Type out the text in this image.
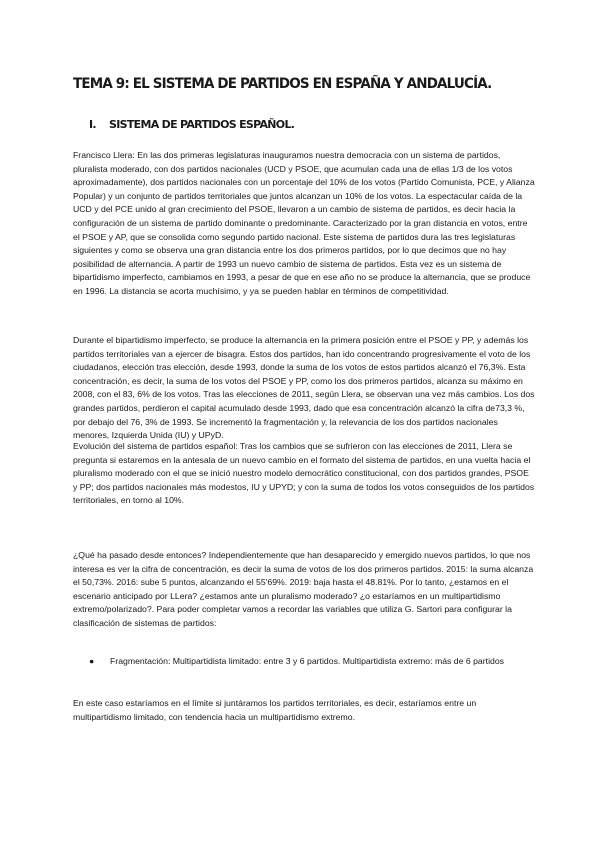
TEMA 9: EL SISTEMA DE PARTIDOS EN ESPAÑA Y ANDALUCÍA.
I. SISTEMA DE PARTIDOS ESPAÑOL.

Francisco Llera: En las dos primeras legislaturas inauguramos nuestra democracia con un sistema de partidos, pluralista moderado, con dos partidos nacionales (UCD y PSOE, que acumulan cada una de ellas 1/3 de los votos aproximadamente), dos partidos nacionales con un porcentaje del 10% de los votos (Partido Comunista, PCE, y Alianza Popular) y un conjunto de partidos territoriales que juntos alcanzan un 10% de los votos. La espectacular caída de la UCD y del PCE unido al gran crecimiento del PSOE, llevaron a un cambio de sistema de partidos, es decir hacia la configuración de un sistema de partido dominante o predominante. Caracterizado por la gran distancia en votos, entre el PSOE y AP, que se consolida como segundo partido nacional. Este sistema de partidos dura las tres legislaturas siguientes y como se observa una gran distancia entre los dos primeros partidos, por lo que decimos que no hay posibilidad de alternancia. A partir de 1993 un nuevo cambio de sistema de partidos. Esta vez es un sistema de bipartidismo imperfecto, cambiamos en 1993, a pesar de que en ese año no se produce la alternancia, que se produce en 1996. La distancia se acorta muchísimo, y ya se pueden hablar en términos de competitividad.

Durante el bipartidismo imperfecto, se produce la alternancia en la primera posición entre el PSOE y PP, y además los partidos territoriales van a ejercer de bisagra. Estos dos partidos, han ido concentrando progresivamente el voto de los ciudadanos, elección tras elección, desde 1993, donde la suma de los votos de estos partidos alcanzó el 76,3%. Esta concentración, es decir, la suma de los votos del PSOE y PP, como los dos primeros partidos, alcanza su máximo en 2008, con el 83, 6% de los votos. Tras las elecciones de 2011, según Llera, se observan una vez más cambios. Los dos grandes partidos, perdieron el capital acumulado desde 1993, dado que esa concentración alcanzó la cifra de73,3 %, por debajo del 76, 3% de 1993. Se incrementó la fragmentación y, la relevancia de los dos partidos nacionales menores, Izquierda Unida (IU) y UPyD.

Evolución del sistema de partidos español: Tras los cambios que se sufrieron con las elecciones de 2011, Llera se pregunta si estaremos en la antesala de un nuevo cambio en el formato del sistema de partidos, en una vuelta hacia el pluralismo moderado con el que se inició nuestro modelo democrático constitucional, con dos partidos grandes, PSOE y PP; dos partidos nacionales más modestos, IU y UPYD; y con la suma de todos los votos conseguidos de los partidos territoriales, en torno al 10%.

¿Qué ha pasado desde entonces? Independientemente que han desaparecido y emergido nuevos partidos, lo que nos interesa es ver la cifra de concentración, es decir la suma de votos de los dos primeros partidos. 2015: la suma alcanza el 50,73%. 2016: sube 5 puntos, alcanzando el 55'69%. 2019: baja hasta el 48.81%. Por lo tanto, ¿estamos en el escenario anticipado por LLera? ¿estamos ante un pluralismo moderado? ¿o estaríamos en un multipartidismo extremo/polarizado?. Para poder completar vamos a recordar las variables que utiliza G. Sartori para configurar la clasificación de sistemas de partidos:

● Fragmentación: Multipartidista limitado: entre 3 y 6 partidos. Multipartidista extremo: más de 6 partidos

En este caso estaríamos en el límite si juntáramos los partidos territoriales, es decir, estaríamos entre un multipartidismo limitado, con tendencia hacia un multipartidismo extremo.
